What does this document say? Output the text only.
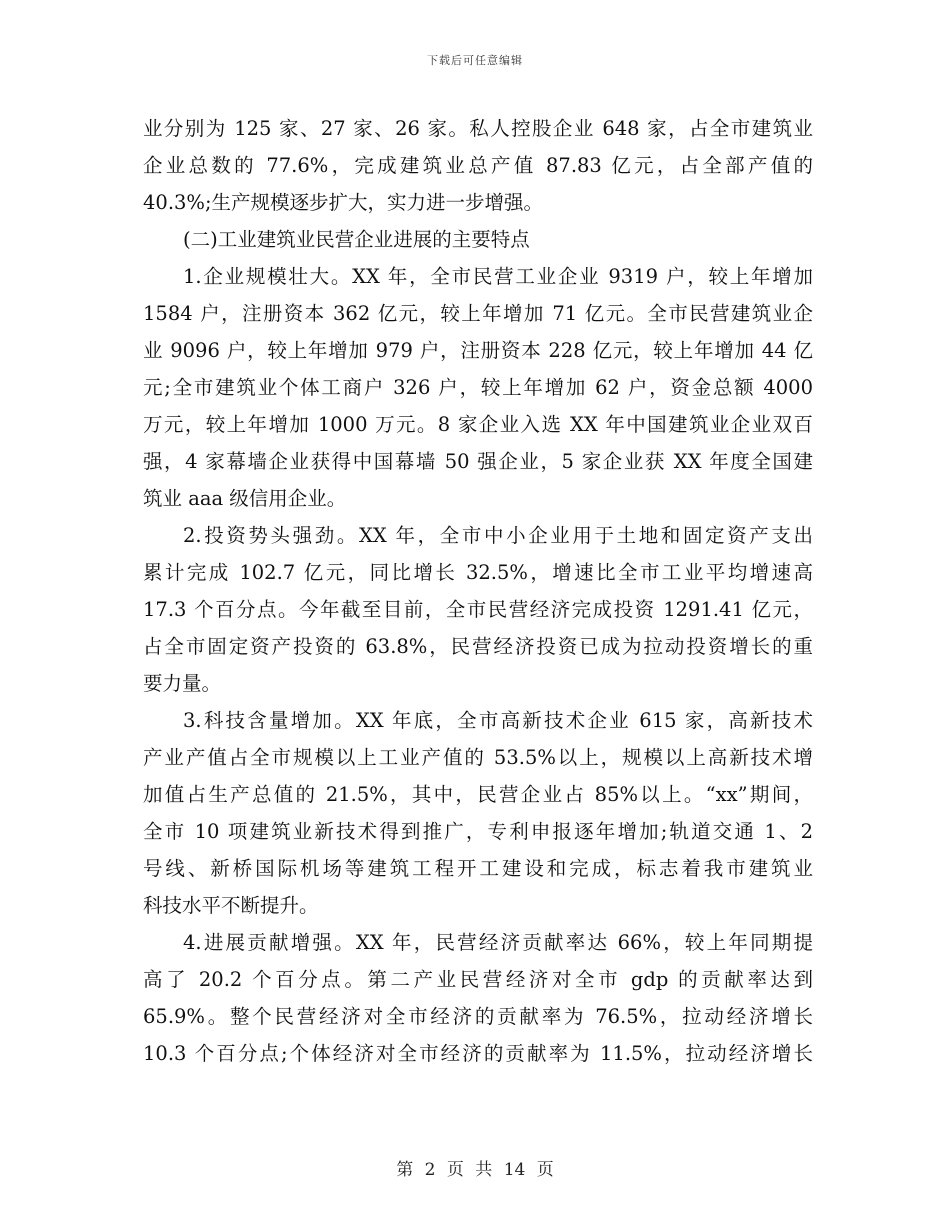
下载后可任意编辑
业分别为 125 家、27 家、26 家。私人控股企业 648 家，占全市建筑业
企业总数的 77.6%，完成建筑业总产值 87.83 亿元，占全部产值的
40.3%;生产规模逐步扩大，实力进一步增强。
(二)工业建筑业民营企业进展的主要特点
1.企业规模壮大。XX 年，全市民营工业企业 9319 户，较上年增加
1584 户，注册资本 362 亿元，较上年增加 71 亿元。全市民营建筑业企
业 9096 户，较上年增加 979 户，注册资本 228 亿元，较上年增加 44 亿
元;全市建筑业个体工商户 326 户，较上年增加 62 户，资金总额 4000
万元，较上年增加 1000 万元。8 家企业入选 XX 年中国建筑业企业双百
强，4 家幕墙企业获得中国幕墙 50 强企业，5 家企业获 XX 年度全国建
筑业 aaa 级信用企业。
2.投资势头强劲。XX 年，全市中小企业用于土地和固定资产支出
累计完成 102.7 亿元，同比增长 32.5%，增速比全市工业平均增速高
17.3 个百分点。今年截至目前，全市民营经济完成投资 1291.41 亿元，
占全市固定资产投资的 63.8%，民营经济投资已成为拉动投资增长的重
要力量。
3.科技含量增加。XX 年底，全市高新技术企业 615 家，高新技术
产业产值占全市规模以上工业产值的 53.5%以上，规模以上高新技术增
加值占生产总值的 21.5%，其中，民营企业占 85%以上。“xx”期间，
全市 10 项建筑业新技术得到推广，专利申报逐年增加;轨道交通 1、2
号线、新桥国际机场等建筑工程开工建设和完成，标志着我市建筑业
科技水平不断提升。
4.进展贡献增强。XX 年，民营经济贡献率达 66%，较上年同期提
高了 20.2 个百分点。第二产业民营经济对全市 gdp 的贡献率达到
65.9%。整个民营经济对全市经济的贡献率为 76.5%，拉动经济增长
10.3 个百分点;个体经济对全市经济的贡献率为 11.5%，拉动经济增长
第 2 页 共 14 页
